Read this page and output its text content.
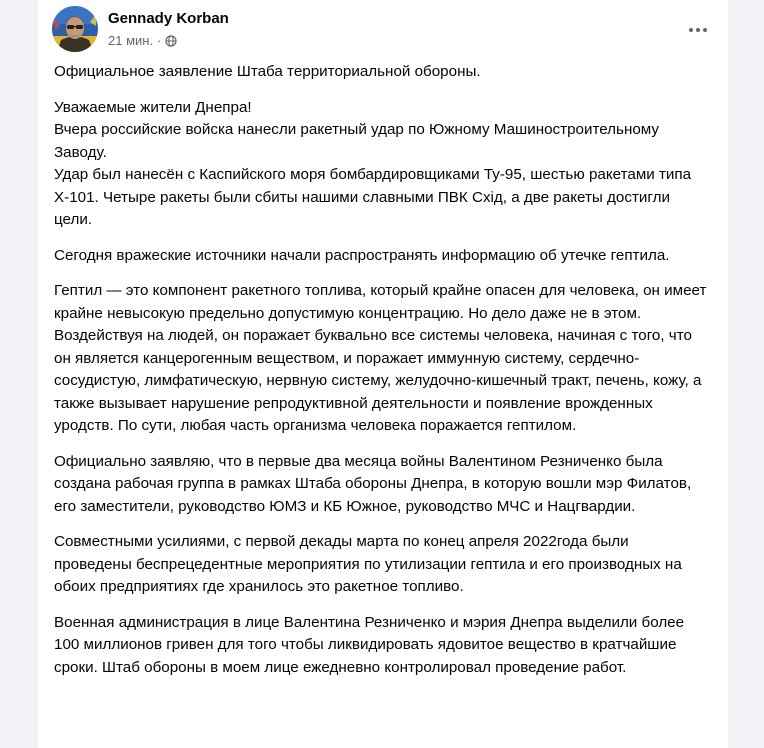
Gennady Korban
21 мин. ·

Официальное заявление Штаба территориальной обороны.

Уважаемые жители Днепра!
Вчера российские войска нанесли ракетный удар по Южному Машиностроительному Заводу.
Удар был нанесён с Каспийского моря бомбардировщиками Ту-95, шестью ракетами типа Х-101. Четыре ракеты были сбиты нашими славными ПВК Схід, а две ракеты достигли цели.

Сегодня вражеские источники начали распространять информацию об утечке гептила.

Гептил — это компонент ракетного топлива, который крайне опасен для человека, он имеет крайне невысокую предельно допустимую концентрацию. Но дело даже не в этом. Воздействуя на людей, он поражает буквально все системы человека, начиная с того, что он является канцерогенным веществом, и поражает иммунную систему, сердечно-сосудистую, лимфатическую, нервную систему, желудочно-кишечный тракт, печень, кожу, а также вызывает нарушение репродуктивной деятельности и появление врожденных уродств. По сути, любая часть организма человека поражается гептилом.

Официально заявляю, что в первые два месяца войны Валентином Резниченко была создана рабочая группа в рамках Штаба обороны Днепра, в которую вошли мэр Филатов, его заместители, руководство ЮМЗ и КБ Южное, руководство МЧС и Нацгвардии.

Совместными усилиями, с первой декады марта по конец апреля 2022года были проведены беспрецедентные мероприятия по утилизации гептила и его производных на обоих предприятиях где хранилось это ракетное топливо.

Военная администрация в лице Валентина Резниченко и мэрия Днепра выделили более 100 миллионов гривен для того чтобы ликвидировать ядовитое вещество в кратчайшие сроки. Штаб обороны в моем лице ежедневно контролировал проведение работ.
